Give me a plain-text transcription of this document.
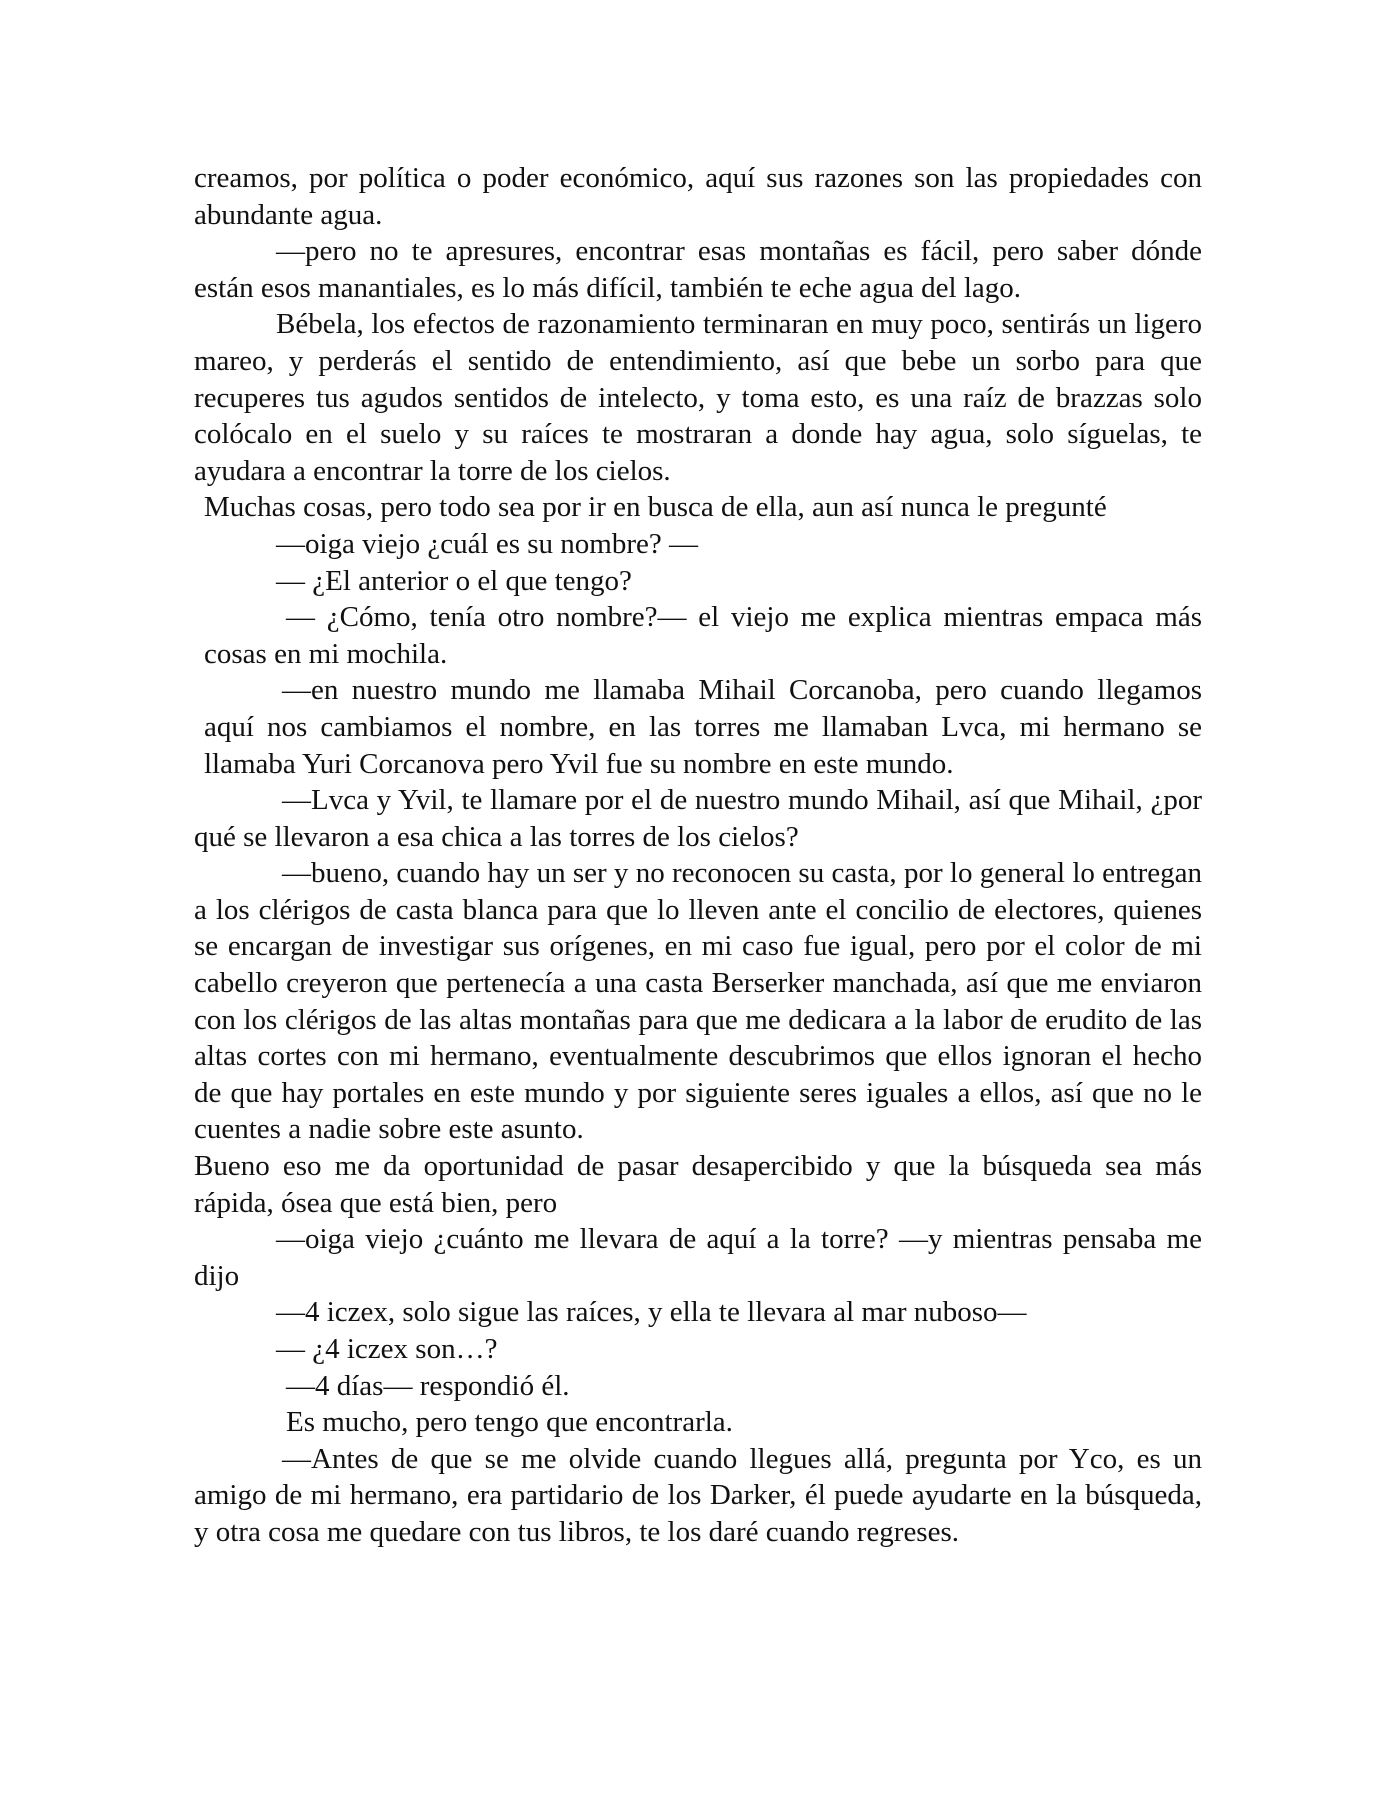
creamos, por política o poder económico, aquí sus razones son las propiedades con abundante agua.

—pero no te apresures, encontrar esas montañas es fácil, pero saber dónde están esos manantiales, es lo más difícil, también te eche agua del lago.

Bébela, los efectos de razonamiento terminaran en muy poco, sentirás un ligero mareo, y perderás el sentido de entendimiento, así que bebe un sorbo para que recuperes tus agudos sentidos de intelecto, y toma esto, es una raíz de brazzas solo colócalo en el suelo y su raíces te mostraran a donde hay agua, solo síguelas, te ayudara a encontrar la torre de los cielos.

Muchas cosas, pero todo sea por ir en busca de ella, aun así nunca le pregunté

—oiga viejo ¿cuál es su nombre? —

— ¿El anterior o el que tengo?

— ¿Cómo, tenía otro nombre?— el viejo me explica mientras empaca más cosas en mi mochila.

—en nuestro mundo me llamaba Mihail Corcanoba, pero cuando llegamos aquí nos cambiamos el nombre, en las torres me llamaban Lvca, mi hermano se llamaba Yuri Corcanova pero Yvil fue su nombre en este mundo.

—Lvca y Yvil, te llamare por el de nuestro mundo Mihail, así que Mihail, ¿por qué se llevaron a esa chica a las torres de los cielos?

—bueno, cuando hay un ser y no reconocen su casta, por lo general lo entregan a los clérigos de casta blanca para que lo lleven ante el concilio de electores, quienes se encargan de investigar sus orígenes, en mi caso fue igual, pero por el color de mi cabello creyeron que pertenecía a una casta Berserker manchada, así que me enviaron con los clérigos de las altas montañas para que me dedicara a la labor de erudito de las altas cortes con mi hermano, eventualmente descubrimos que ellos ignoran el hecho de que hay portales en este mundo y por siguiente seres iguales a ellos, así que no le cuentes a nadie sobre este asunto.

Bueno eso me da oportunidad de pasar desapercibido y que la búsqueda sea más rápida, ósea que está bien, pero

—oiga viejo ¿cuánto me llevara de aquí a la torre? —y mientras pensaba me dijo

—4 iczex, solo sigue las raíces, y ella te llevara al mar nuboso—

— ¿4 iczex son…?

—4 días— respondió él.

Es mucho, pero tengo que encontrarla.

—Antes de que se me olvide cuando llegues allá, pregunta por Yco, es un amigo de mi hermano, era partidario de los Darker, él puede ayudarte en la búsqueda, y otra cosa me quedare con tus libros, te los daré cuando regreses.
